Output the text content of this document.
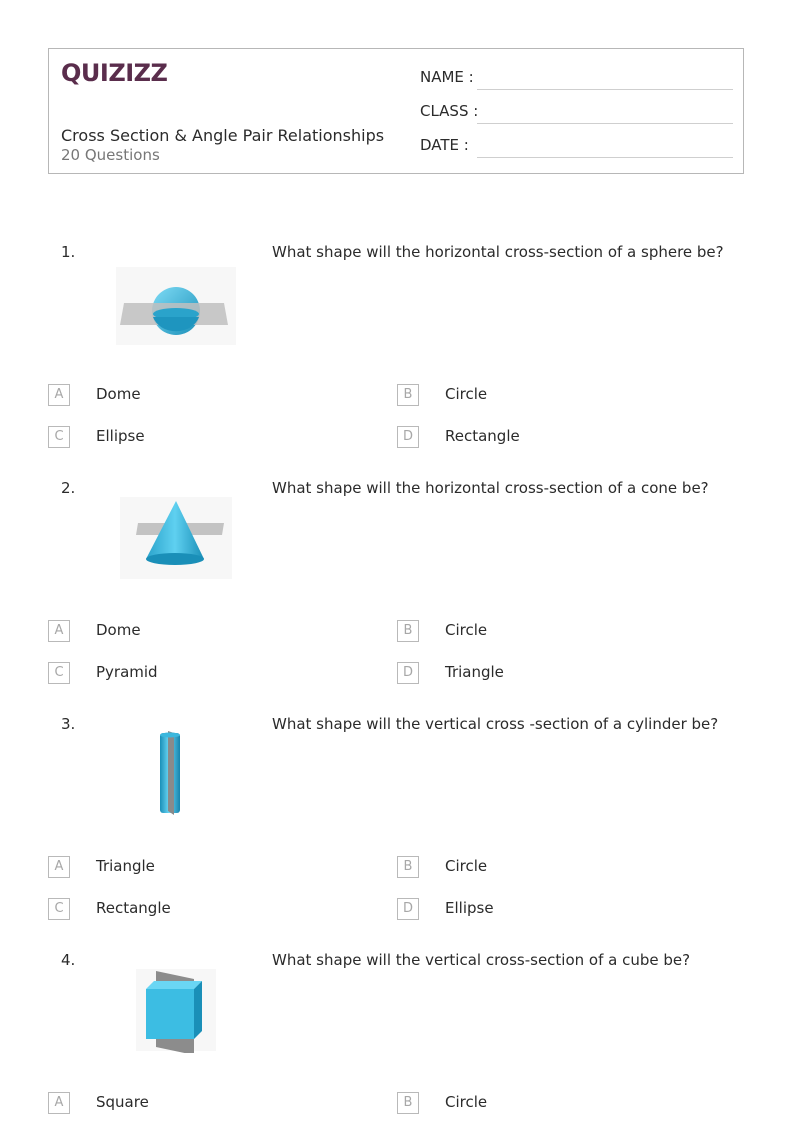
QUIZIZZ
Cross Section & Angle Pair Relationships
20 Questions
NAME :
CLASS :
DATE :
1.	What shape will the horizontal cross-section of a sphere be?
A	Dome	B	Circle
C	Ellipse	D	Rectangle
2.	What shape will the horizontal cross-section of a cone be?
A	Dome	B	Circle
C	Pyramid	D	Triangle
3.	What shape will the vertical cross -section of a cylinder be?
A	Triangle	B	Circle
C	Rectangle	D	Ellipse
4.	What shape will the vertical cross-section of a cube be?
A	Square	B	Circle
